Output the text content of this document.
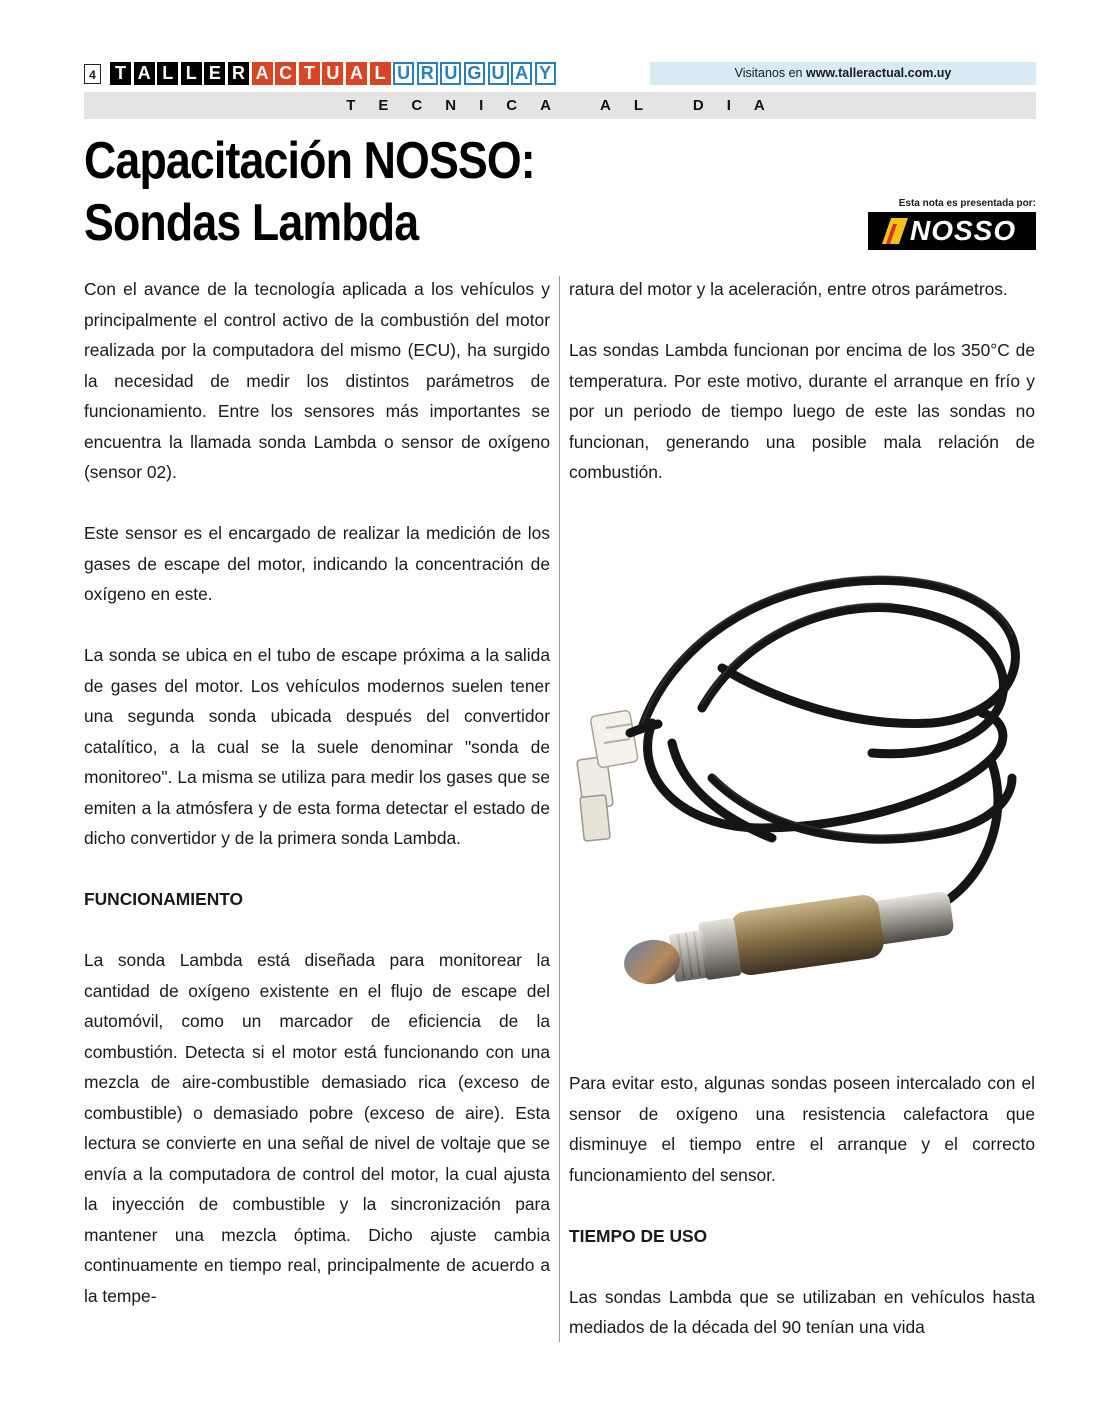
4 T A L L E R A C T U A L U R U G U A Y	Visitanos en www.talleractual.com.uy
TECNICA AL DIA
Capacitación NOSSO:
Sondas Lambda	Esta nota es presentada por:
NOSSO

Con el avance de la tecnología aplicada a los vehículos y principalmente el control activo de la combustión del motor realizada por la computadora del mismo (ECU), ha surgido la necesidad de medir los distintos parámetros de funcionamiento. Entre los sensores más importantes se encuentra la llamada sonda Lambda o sensor de oxígeno (sensor 02).

Este sensor es el encargado de realizar la medición de los gases de escape del motor, indicando la concentración de oxígeno en este.

La sonda se ubica en el tubo de escape próxima a la salida de gases del motor. Los vehículos modernos suelen tener una segunda sonda ubicada después del convertidor catalítico, a la cual se la suele denominar "sonda de monitoreo". La misma se utiliza para medir los gases que se emiten a la atmósfera y de esta forma detectar el estado de dicho convertidor y de la primera sonda Lambda.

FUNCIONAMIENTO

La sonda Lambda está diseñada para monitorear la cantidad de oxígeno existente en el flujo de escape del automóvil, como un marcador de eficiencia de la combustión. Detecta si el motor está funcionando con una mezcla de aire-combustible demasiado rica (exceso de combustible) o demasiado pobre (exceso de aire). Esta lectura se convierte en una señal de nivel de voltaje que se envía a la computadora de control del motor, la cual ajusta la inyección de combustible y la sincronización para mantener una mezcla óptima. Dicho ajuste cambia continuamente en tiempo real, principalmente de acuerdo a la tempe-

ratura del motor y la aceleración, entre otros parámetros.

Las sondas Lambda funcionan por encima de los 350°C de temperatura. Por este motivo, durante el arranque en frío y por un periodo de tiempo luego de este las sondas no funcionan, generando una posible mala relación de combustión.

Para evitar esto, algunas sondas poseen intercalado con el sensor de oxígeno una resistencia calefactora que disminuye el tiempo entre el arranque y el correcto funcionamiento del sensor.

TIEMPO DE USO

Las sondas Lambda que se utilizaban en vehículos hasta mediados de la década del 90 tenían una vida
